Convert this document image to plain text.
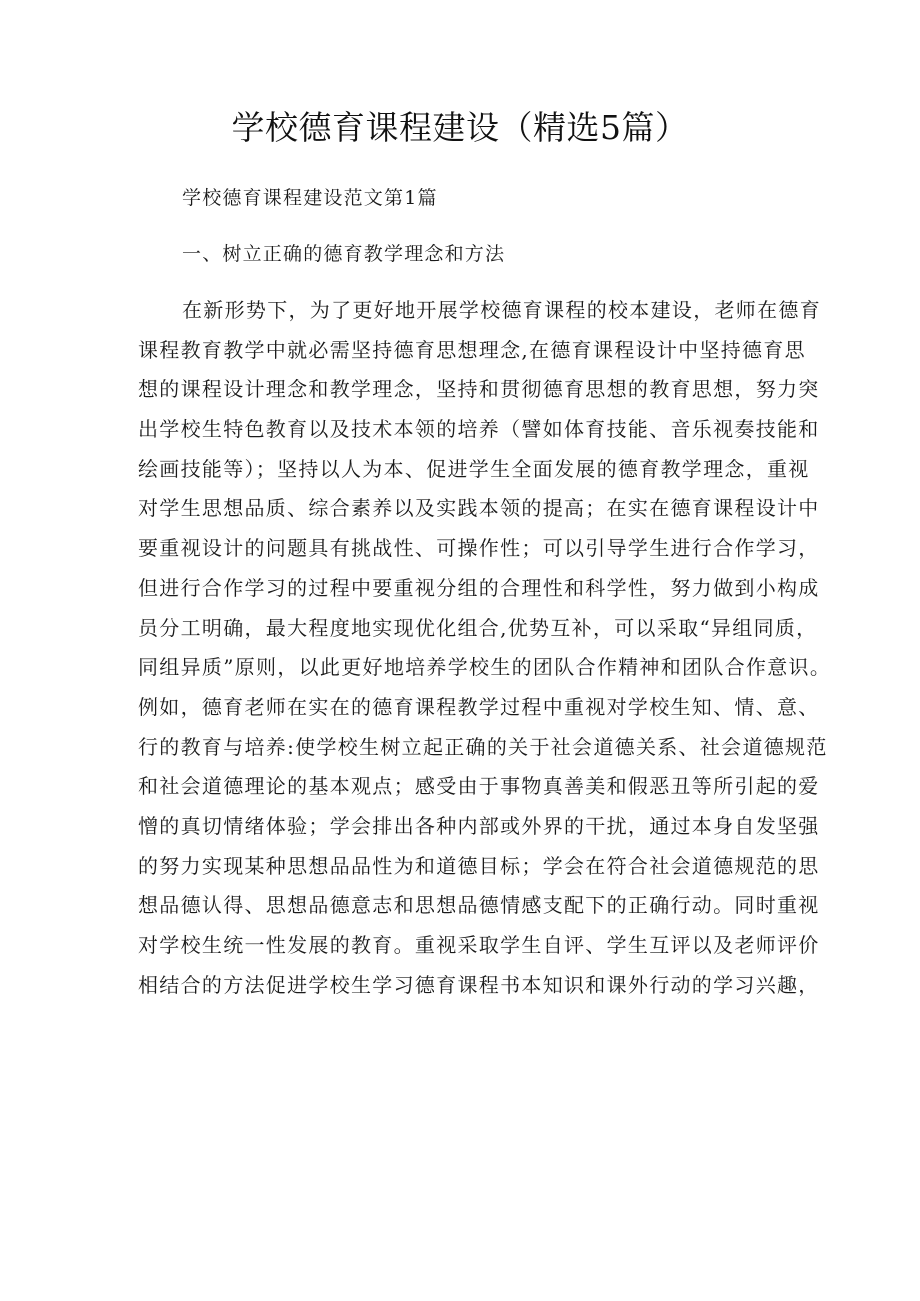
学校德育课程建设（精选5篇）

学校德育课程建设范文第1篇

一、树立正确的德育教学理念和方法

在新形势下，为了更好地开展学校德育课程的校本建设，老师在德育
课程教育教学中就必需坚持德育思想理念,在德育课程设计中坚持德育思
想的课程设计理念和教学理念，坚持和贯彻德育思想的教育思想，努力突
出学校生特色教育以及技术本领的培养（譬如体育技能、音乐视奏技能和
绘画技能等）；坚持以人为本、促进学生全面发展的德育教学理念，重视
对学生思想品质、综合素养以及实践本领的提高；在实在德育课程设计中
要重视设计的问题具有挑战性、可操作性；可以引导学生进行合作学习，
但进行合作学习的过程中要重视分组的合理性和科学性，努力做到小构成
员分工明确，最大程度地实现优化组合,优势互补，可以采取“异组同质，
同组异质”原则，以此更好地培养学校生的团队合作精神和团队合作意识。
例如，德育老师在实在的德育课程教学过程中重视对学校生知、情、意、
行的教育与培养:使学校生树立起正确的关于社会道德关系、社会道德规范
和社会道德理论的基本观点；感受由于事物真善美和假恶丑等所引起的爱
憎的真切情绪体验；学会排出各种内部或外界的干扰，通过本身自发坚强
的努力实现某种思想品品性为和道德目标；学会在符合社会道德规范的思
想品德认得、思想品德意志和思想品德情感支配下的正确行动。同时重视
对学校生统一性发展的教育。重视采取学生自评、学生互评以及老师评价
相结合的方法促进学校生学习德育课程书本知识和课外行动的学习兴趣，
